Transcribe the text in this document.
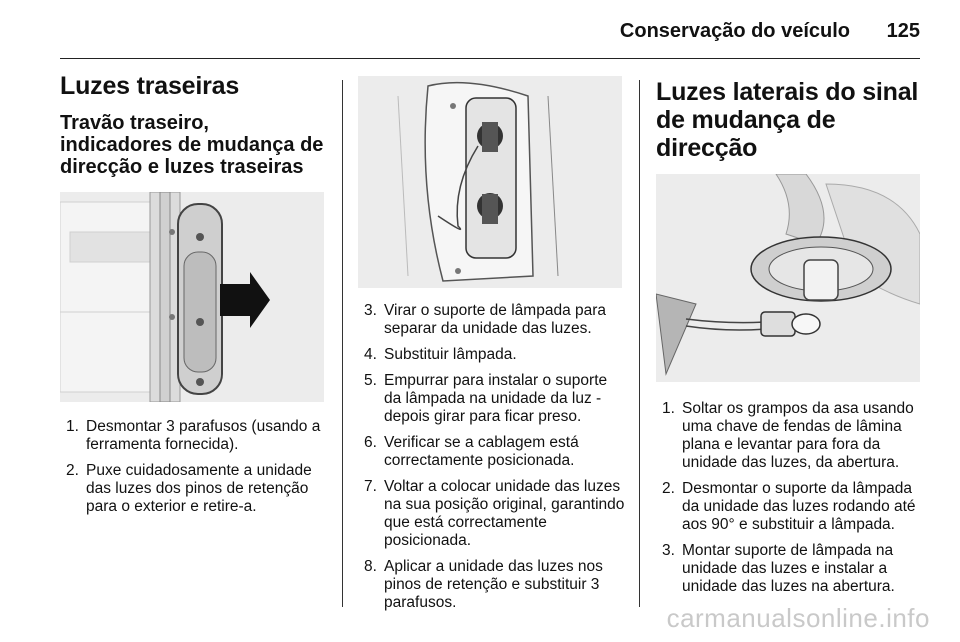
Conservação do veículo 125
Luzes traseiras
Travão traseiro, indicadores de mudança de direcção e luzes traseiras
1. Desmontar 3 parafusos (usando a ferramenta fornecida).
2. Puxe cuidadosamente a unidade das luzes dos pinos de retenção para o exterior e retire-a.
3. Virar o suporte de lâmpada para separar da unidade das luzes.
4. Substituir lâmpada.
5. Empurrar para instalar o suporte da lâmpada na unidade da luz - depois girar para ficar preso.
6. Verificar se a cablagem está correctamente posicionada.
7. Voltar a colocar unidade das luzes na sua posição original, garantindo que está correctamente posicionada.
8. Aplicar a unidade das luzes nos pinos de retenção e substituir 3 parafusos.
Luzes laterais do sinal de mudança de direcção
1. Soltar os grampos da asa usando uma chave de fendas de lâmina plana e levantar para fora da unidade das luzes, da abertura.
2. Desmontar o suporte da lâmpada da unidade das luzes rodando até aos 90° e substituir a lâmpada.
3. Montar suporte de lâmpada na unidade das luzes e instalar a unidade das luzes na abertura.
carmanualsonline.info
